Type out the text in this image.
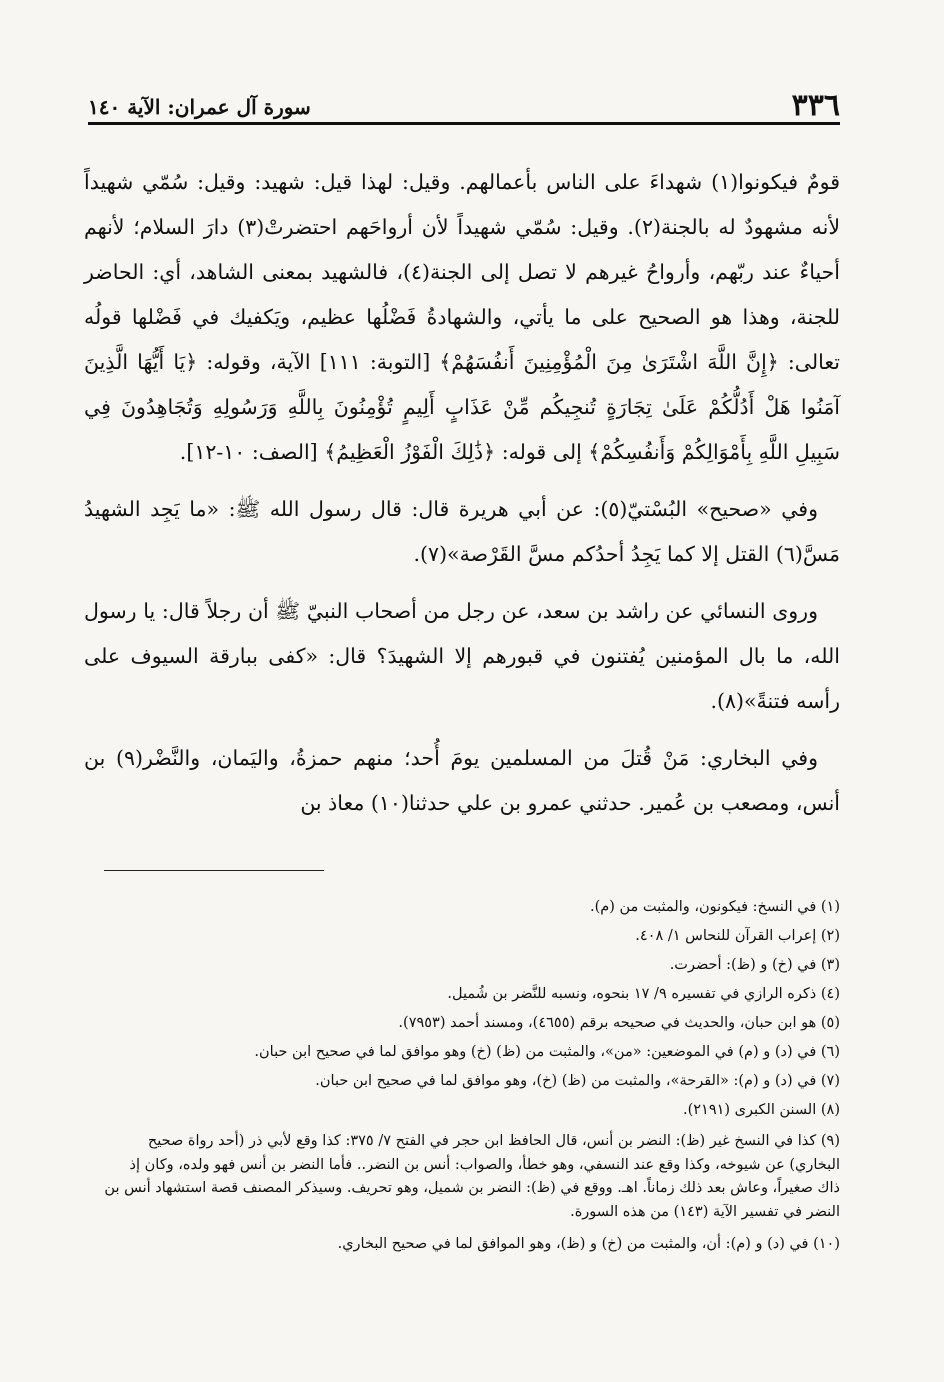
٣٣٦
سورة آل عمران: الآية ١٤٠

قومٌ فيكونوا(١) شهداءَ على الناس بأعمالهم. وقيل: لهذا قيل: شهيد: وقيل: سُمّي شهيداً لأنه مشهودٌ له بالجنة(٢). وقيل: سُمّي شهيداً لأن أرواحَهم احتضرتْ(٣) دارَ السلام؛ لأنهم أحياءٌ عند ربّهم، وأرواحُ غيرهم لا تصل إلى الجنة(٤)، فالشهيد بمعنى الشاهد، أي: الحاضر للجنة، وهذا هو الصحيح على ما يأتي، والشهادةُ فَضْلُها عظيم، ويَكفيك في فَضْلها قولُه تعالى: ﴿إِنَّ اللَّهَ اشْتَرَىٰ مِنَ الْمُؤْمِنِينَ أَنفُسَهُمْ﴾ [التوبة: ١١١] الآية، وقوله: ﴿يَا أَيُّهَا الَّذِينَ آمَنُوا هَلْ أَدُلُّكُمْ عَلَىٰ تِجَارَةٍ تُنجِيكُم مِّنْ عَذَابٍ أَلِيمٍ تُؤْمِنُونَ بِاللَّهِ وَرَسُولِهِ وَتُجَاهِدُونَ فِي سَبِيلِ اللَّهِ بِأَمْوَالِكُمْ وَأَنفُسِكُمْ﴾ إلى قوله: ﴿ذَٰلِكَ الْفَوْزُ الْعَظِيمُ﴾ [الصف: ١٠-١٢].

وفي «صحيح» البُسْتيّ(٥): عن أبي هريرة قال: قال رسول الله ﷺ: «ما يَجِد الشهيدُ مَسَّ(٦) القتل إلا كما يَجِدُ أحدُكم مسَّ القَرْصة»(٧).

وروى النسائي عن راشد بن سعد، عن رجل من أصحاب النبيّ ﷺ أن رجلاً قال: يا رسول الله، ما بال المؤمنين يُفتنون في قبورهم إلا الشهيدَ؟ قال: «كفى ببارقة السيوف على رأسه فتنةً»(٨).

وفي البخاري: مَنْ قُتلَ من المسلمين يومَ أُحد؛ منهم حمزةُ، واليَمان، والنَّضْر(٩) بن أنس، ومصعب بن عُمير. حدثني عمرو بن علي حدثنا(١٠) معاذ بن

(١) في النسخ: فيكونون، والمثبت من (م).

(٢) إعراب القرآن للنحاس ١/ ٤٠٨.

(٣) في (خ) و (ظ): أحضرت.

(٤) ذكره الرازي في تفسيره ٩/ ١٧ بنحوه، ونسبه للنَّضر بن شُميل.

(٥) هو ابن حبان، والحديث في صحيحه برقم (٤٦٥٥)، ومسند أحمد (٧٩٥٣).

(٦) في (د) و (م) في الموضعين: «من»، والمثبت من (ظ) (خ) وهو موافق لما في صحيح ابن حبان.

(٧) في (د) و (م): «القرحة»، والمثبت من (ظ) (خ)، وهو موافق لما في صحيح ابن حبان.

(٨) السنن الكبرى (٢١٩١).

(٩) كذا في النسخ غير (ظ): النضر بن أنس، قال الحافظ ابن حجر في الفتح ٧/ ٣٧٥: كذا وقع لأبي ذر (أحد رواة صحيح البخاري) عن شيوخه، وكذا وقع عند النسفي، وهو خطأ، والصواب: أنس بن النضر.. فأما النضر بن أنس فهو ولده، وكان إذ ذاك صغيراً، وعاش بعد ذلك زماناً. اهـ. ووقع في (ظ): النضر بن شميل، وهو تحريف. وسيذكر المصنف قصة استشهاد أنس بن النضر في تفسير الآية (١٤٣) من هذه السورة.

(١٠) في (د) و (م): أن، والمثبت من (خ) و (ظ)، وهو الموافق لما في صحيح البخاري.
